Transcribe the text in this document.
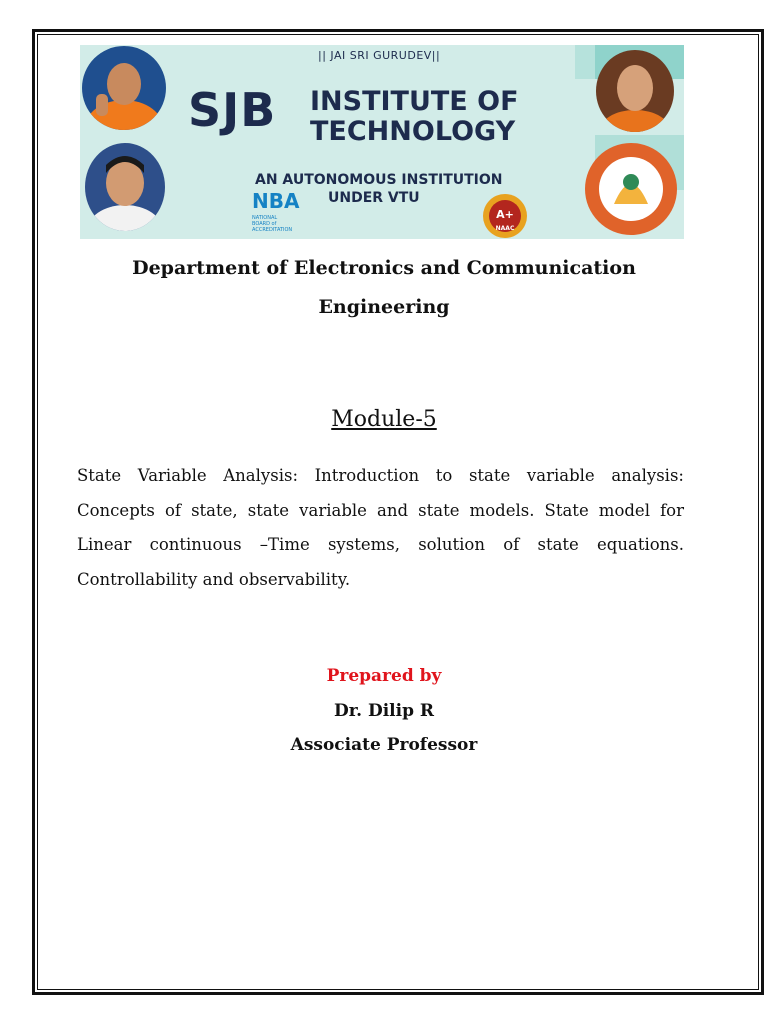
|| JAI SRI GURUDEV||
SJB INSTITUTE OF
TECHNOLOGY
AN AUTONOMOUS INSTITUTION
UNDER VTU
NBA
NATIONAL BOARD of ACCREDITATION
A+
NAAC
Department of Electronics and Communication
Engineering
Module-5
State Variable Analysis: Introduction to state variable analysis: Concepts of state, state variable and state models. State model for Linear continuous –Time systems, solution of state equations. Controllability and observability.
Prepared by
Dr. Dilip R
Associate Professor
